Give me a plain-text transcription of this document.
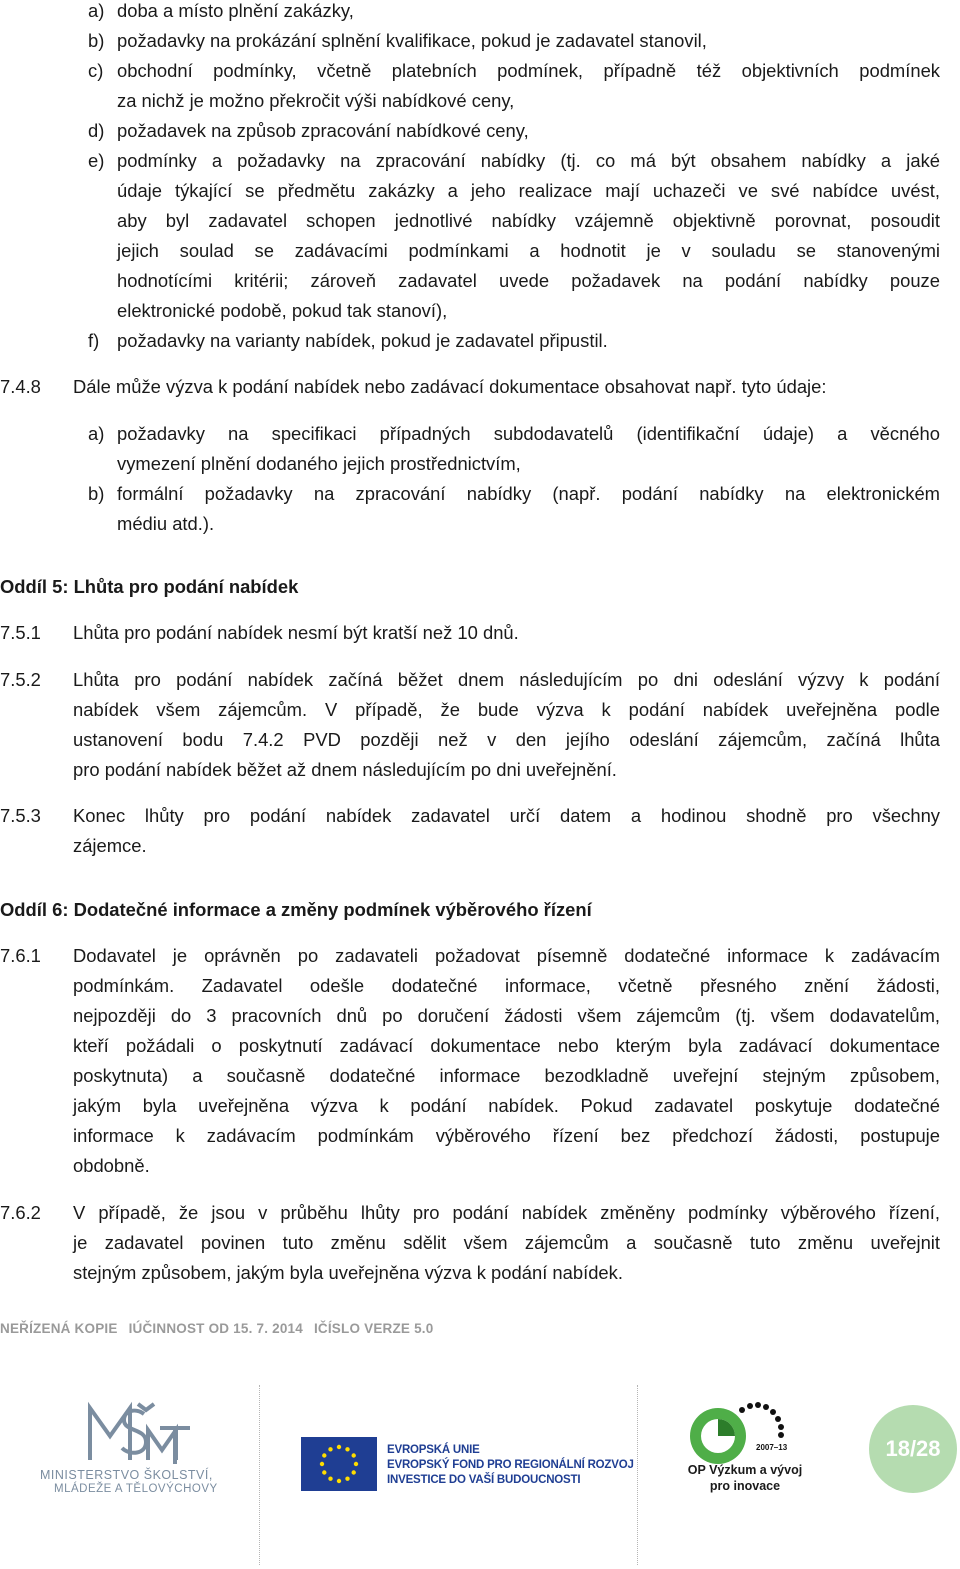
a) doba a místo plnění zakázky,
b) požadavky na prokázání splnění kvalifikace, pokud je zadavatel stanovil,
c) obchodní podmínky, včetně platebních podmínek, případně též objektivních podmínek
za nichž je možno překročit výši nabídkové ceny,
d) požadavek na způsob zpracování nabídkové ceny,
e) podmínky a požadavky na zpracování nabídky (tj. co má být obsahem nabídky a jaké
údaje týkající se předmětu zakázky a jeho realizace mají uchazeči ve své nabídce uvést,
aby byl zadavatel schopen jednotlivé nabídky vzájemně objektivně porovnat, posoudit
jejich soulad se zadávacími podmínkami a hodnotit je v souladu se stanovenými
hodnotícími kritérii; zároveň zadavatel uvede požadavek na podání nabídky pouze
elektronické podobě, pokud tak stanoví),
f) požadavky na varianty nabídek, pokud je zadavatel připustil.
7.4.8 Dále může výzva k podání nabídek nebo zadávací dokumentace obsahovat např. tyto údaje:
a) požadavky na specifikaci případných subdodavatelů (identifikační údaje) a věcného
vymezení plnění dodaného jejich prostřednictvím,
b) formální požadavky na zpracování nabídky (např. podání nabídky na elektronickém
médiu atd.).
Oddíl 5: Lhůta pro podání nabídek
7.5.1 Lhůta pro podání nabídek nesmí být kratší než 10 dnů.
7.5.2 Lhůta pro podání nabídek začíná běžet dnem následujícím po dni odeslání výzvy k podání
nabídek všem zájemcům. V případě, že bude výzva k podání nabídek uveřejněna podle
ustanovení bodu 7.4.2 PVD později než v den jejího odeslání zájemcům, začíná lhůta
pro podání nabídek běžet až dnem následujícím po dni uveřejnění.
7.5.3 Konec lhůty pro podání nabídek zadavatel určí datem a hodinou shodně pro všechny
zájemce.
Oddíl 6: Dodatečné informace a změny podmínek výběrového řízení
7.6.1 Dodavatel je oprávněn po zadavateli požadovat písemně dodatečné informace k zadávacím
podmínkám. Zadavatel odešle dodatečné informace, včetně přesného znění žádosti,
nejpozději do 3 pracovních dnů po doručení žádosti všem zájemcům (tj. všem dodavatelům,
kteří požádali o poskytnutí zadávací dokumentace nebo kterým byla zadávací dokumentace
poskytnuta) a současně dodatečné informace bezodkladně uveřejní stejným způsobem,
jakým byla uveřejněna výzva k podání nabídek. Pokud zadavatel poskytuje dodatečné
informace k zadávacím podmínkám výběrového řízení bez předchozí žádosti, postupuje
obdobně.
7.6.2 V případě, že jsou v průběhu lhůty pro podání nabídek změněny podmínky výběrového řízení,
je zadavatel povinen tuto změnu sdělit všem zájemcům a současně tuto změnu uveřejnit
stejným způsobem, jakým byla uveřejněna výzva k podání nabídek.
NEŘÍZENÁ KOPIE IÚČINNOST OD 15. 7. 2014 IČÍSLO VERZE 5.0
MINISTERSTVO ŠKOLSTVÍ,
MLÁDEŽE A TĚLOVÝCHOVY
EVROPSKÁ UNIE
EVROPSKÝ FOND PRO REGIONÁLNÍ ROZVOJ
INVESTICE DO VAŠÍ BUDOUCNOSTI
2007–13
OP Výzkum a vývoj
pro inovace
18/28
